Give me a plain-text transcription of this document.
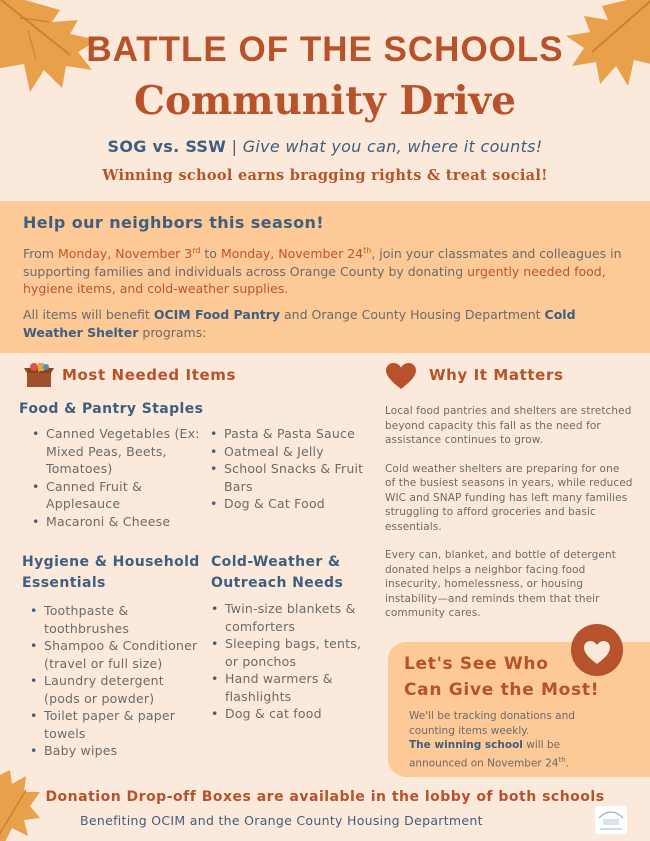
BATTLE OF THE SCHOOLS
Community Drive
SOG vs. SSW | Give what you can, where it counts!
Winning school earns bragging rights & treat social!
Help our neighbors this season!
From Monday, November 3rd to Monday, November 24th, join your classmates and colleagues in supporting families and individuals across Orange County by donating urgently needed food, hygiene items, and cold-weather supplies.
All items will benefit OCIM Food Pantry and Orange County Housing Department Cold Weather Shelter programs:
Most Needed Items
Food & Pantry Staples
• Canned Vegetables (Ex: Mixed Peas, Beets, Tomatoes)
• Canned Fruit & Applesauce
• Macaroni & Cheese
• Pasta & Pasta Sauce
• Oatmeal & Jelly
• School Snacks & Fruit Bars
• Dog & Cat Food
Hygiene & Household Essentials
• Toothpaste & toothbrushes
• Shampoo & Conditioner (travel or full size)
• Laundry detergent (pods or powder)
• Toilet paper & paper towels
• Baby wipes
Cold-Weather & Outreach Needs
• Twin-size blankets & comforters
• Sleeping bags, tents, or ponchos
• Hand warmers & flashlights
• Dog & cat food
Why It Matters

Local food pantries and shelters are stretched beyond capacity this fall as the need for assistance continues to grow.

Cold weather shelters are preparing for one of the busiest seasons in years, while reduced WIC and SNAP funding has left many families struggling to afford groceries and basic essentials.

Every can, blanket, and bottle of detergent donated helps a neighbor facing food insecurity, homelessness, or housing instability—and reminds them that their community cares.

Let's See Who
Can Give the Most!
We'll be tracking donations and counting items weekly.
The winning school will be announced on November 24th.
Donation Drop-off Boxes are available in the lobby of both schools
Benefiting OCIM and the Orange County Housing Department
